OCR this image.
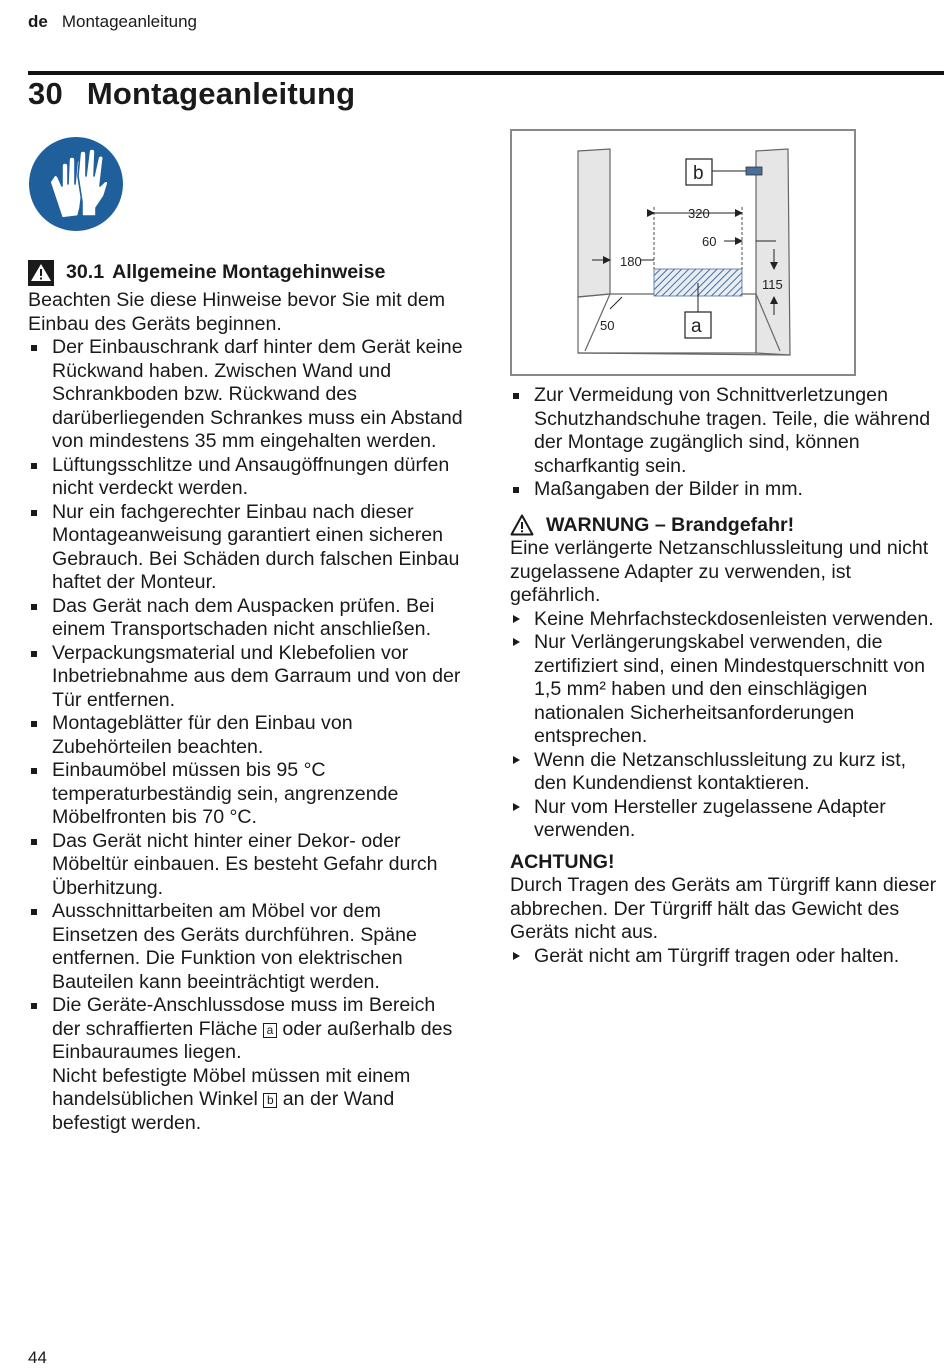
de Montageanleitung
30 Montageanleitung
30.1 Allgemeine Montagehinweise

Beachten Sie diese Hinweise bevor Sie mit dem Einbau des Geräts beginnen.

Der Einbauschrank darf hinter dem Gerät keine Rückwand haben. Zwischen Wand und Schrankboden bzw. Rückwand des darüberliegenden Schrankes muss ein Abstand von mindestens 35 mm eingehalten werden.
Lüftungsschlitze und Ansaugöffnungen dürfen nicht verdeckt werden.
Nur ein fachgerechter Einbau nach dieser Montageanweisung garantiert einen sicheren Gebrauch. Bei Schäden durch falschen Einbau haftet der Monteur.
Das Gerät nach dem Auspacken prüfen. Bei einem Transportschaden nicht anschließen.
Verpackungsmaterial und Klebefolien vor Inbetriebnahme aus dem Garraum und von der Tür entfernen.
Montageblätter für den Einbau von Zubehörteilen beachten.
Einbaumöbel müssen bis 95 °C temperaturbeständig sein, angrenzende Möbelfronten bis 70 °C.
Das Gerät nicht hinter einer Dekor- oder Möbeltür einbauen. Es besteht Gefahr durch Überhitzung.
Ausschnittarbeiten am Möbel vor dem Einsetzen des Geräts durchführen. Späne entfernen. Die Funktion von elektrischen Bauteilen kann beeinträchtigt werden.
Die Geräte-Anschlussdose muss im Bereich der schraffierten Fläche a oder außerhalb des Einbauraumes liegen.
Nicht befestigte Möbel müssen mit einem handelsüblichen Winkel b an der Wand befestigt werden.
320
60
180
115
50
b
a
Zur Vermeidung von Schnittverletzungen Schutzhandschuhe tragen. Teile, die während der Montage zugänglich sind, können scharfkantig sein.
Maßangaben der Bilder in mm.
WARNUNG – Brandgefahr!

Eine verlängerte Netzanschlussleitung und nicht zugelassene Adapter zu verwenden, ist gefährlich.

Keine Mehrfachsteckdosenleisten verwenden.
Nur Verlängerungskabel verwenden, die zertifiziert sind, einen Mindestquerschnitt von 1,5 mm² haben und den einschlägigen nationalen Sicherheitsanforderungen entsprechen.
Wenn die Netzanschlussleitung zu kurz ist, den Kundendienst kontaktieren.
Nur vom Hersteller zugelassene Adapter verwenden.
ACHTUNG!

Durch Tragen des Geräts am Türgriff kann dieser abbrechen. Der Türgriff hält das Gewicht des Geräts nicht aus.

Gerät nicht am Türgriff tragen oder halten.
44
